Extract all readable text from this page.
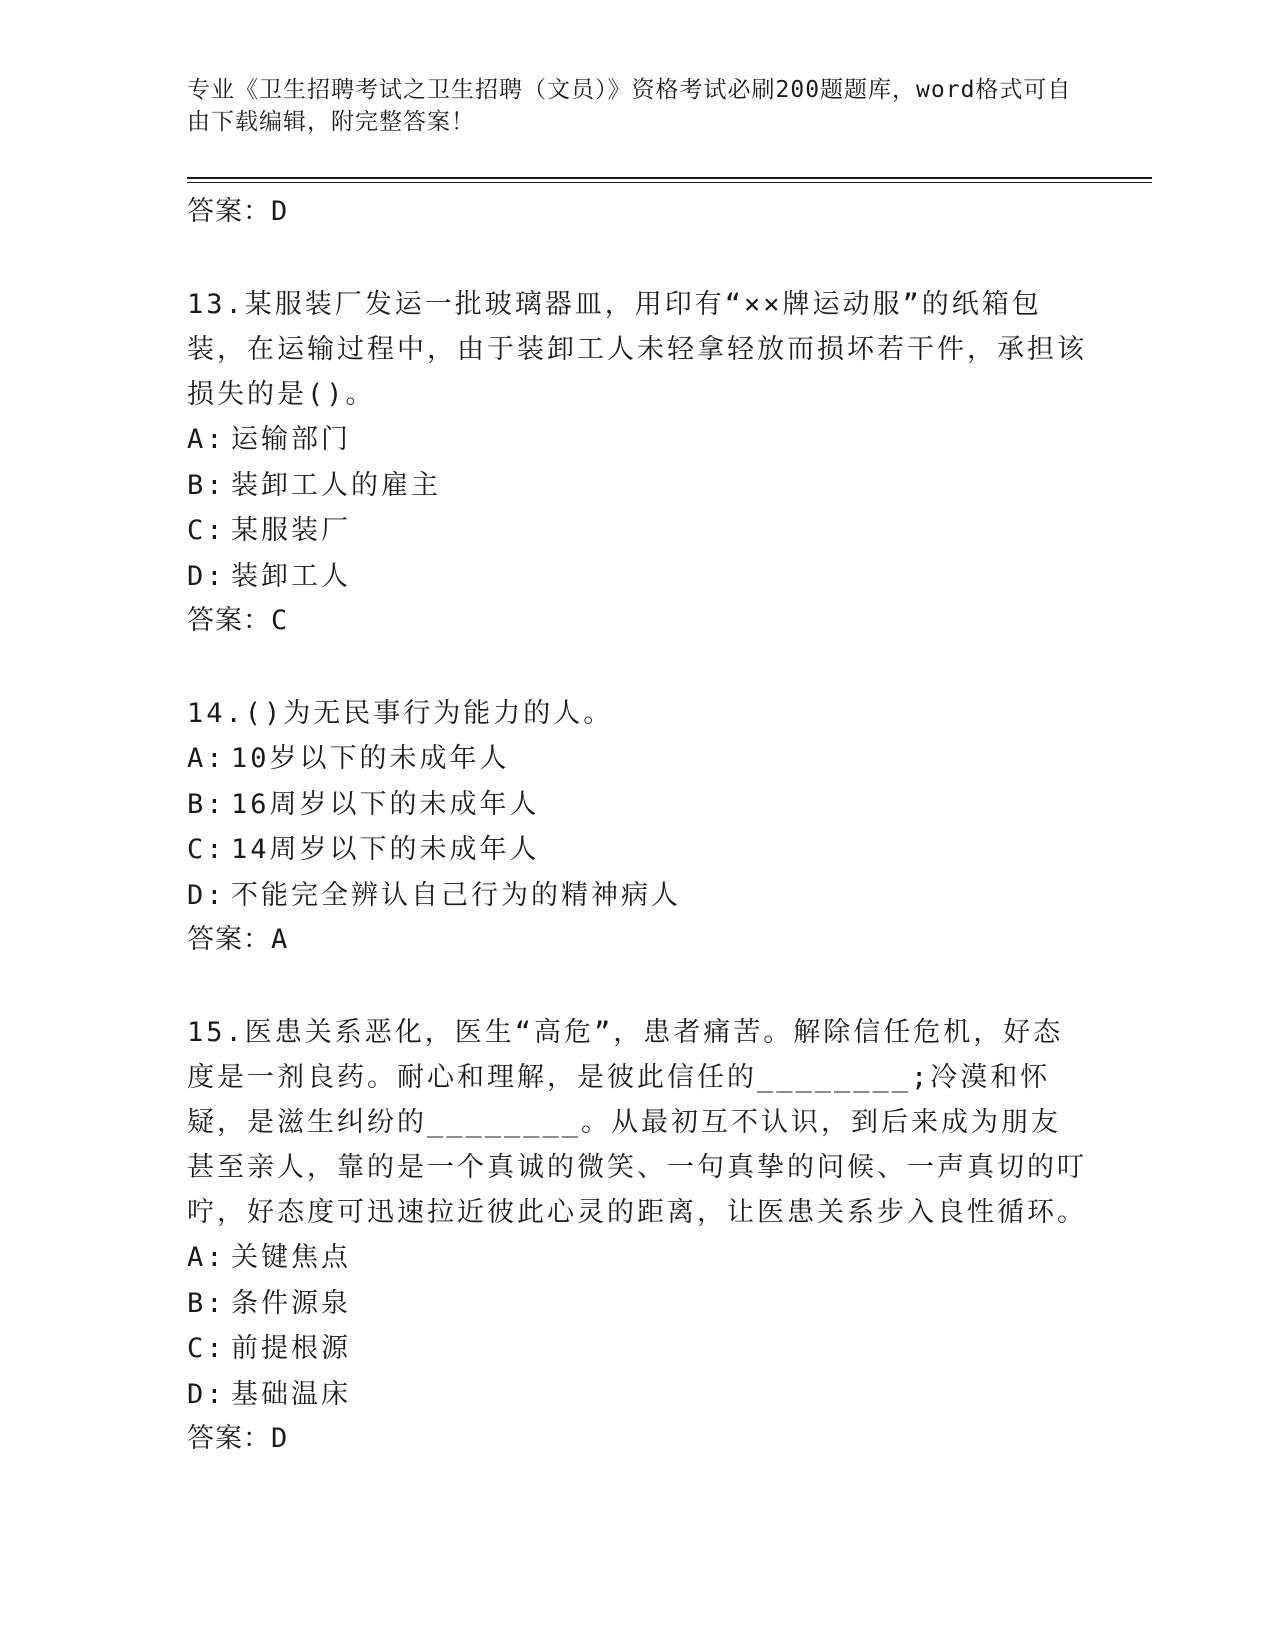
专业《卫生招聘考试之卫生招聘（文员）》资格考试必刷200题题库，word格式可自由下载编辑，附完整答案！
答案：D
13.某服装厂发运一批玻璃器皿，用印有“××牌运动服”的纸箱包装，在运输过程中，由于装卸工人未轻拿轻放而损坏若干件，承担该损失的是()。
A: 运输部门
B: 装卸工人的雇主
C: 某服装厂
D: 装卸工人
答案：C
14.()为无民事行为能力的人。
A: 10岁以下的未成年人
B: 16周岁以下的未成年人
C: 14周岁以下的未成年人
D: 不能完全辨认自己行为的精神病人
答案：A
15.医患关系恶化，医生“高危”，患者痛苦。解除信任危机，好态度是一剂良药。耐心和理解，是彼此信任的________;冷漠和怀疑，是滋生纠纷的________。从最初互不认识，到后来成为朋友甚至亲人，靠的是一个真诚的微笑、一句真挚的问候、一声真切的叮咛，好态度可迅速拉近彼此心灵的距离，让医患关系步入良性循环。
A: 关键焦点
B: 条件源泉
C: 前提根源
D: 基础温床
答案：D
